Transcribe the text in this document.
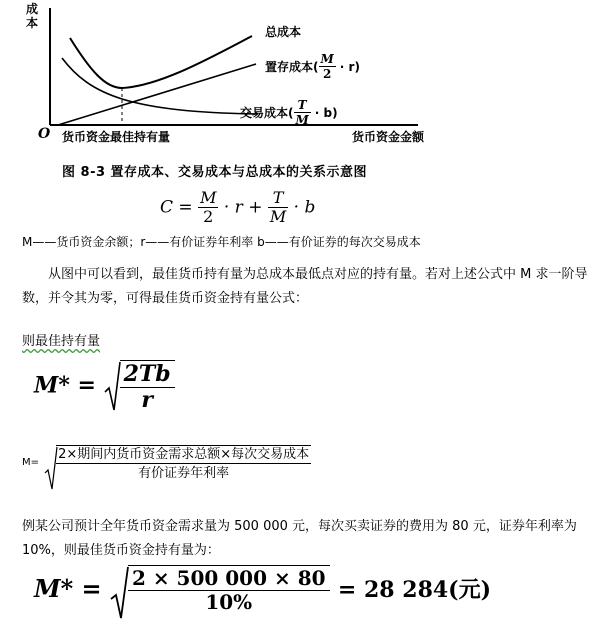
成本
O 货币资金最佳持有量	货币资金金额
总成本
置存成本( $\frac{M}{2} \cdot r$)
交易成本( $\frac{T}{M} \cdot b$)
图 8-3 置存成本、交易成本与总成本的关系示意图
$C = \frac{M}{2} \cdot r + \frac{T}{M} \cdot b$
M——货币资金余额；r——有价证券年利率 b——有价证券的每次交易成本
从图中可以看到，最佳货币持有量为总成本最低点对应的持有量。若对上述公式中 M 求一阶导数，并令其为零，可得最佳货币资金持有量公式：
则最佳持有量
$M* = \frac{2Tb}{r}$
$M= \frac{\text{2×期间内货币资金需求总额×每次交易成本}}{\text{有价证券年利率}}$
例某公司预计全年货币资金需求量为 500 000 元，每次买卖证券的费用为 80 元，证券年利率为 10%，则最佳货币资金持有量为：
$M* = \frac{2 \times 500 000 \times 80}{10\%} = 28$ 284(元)
